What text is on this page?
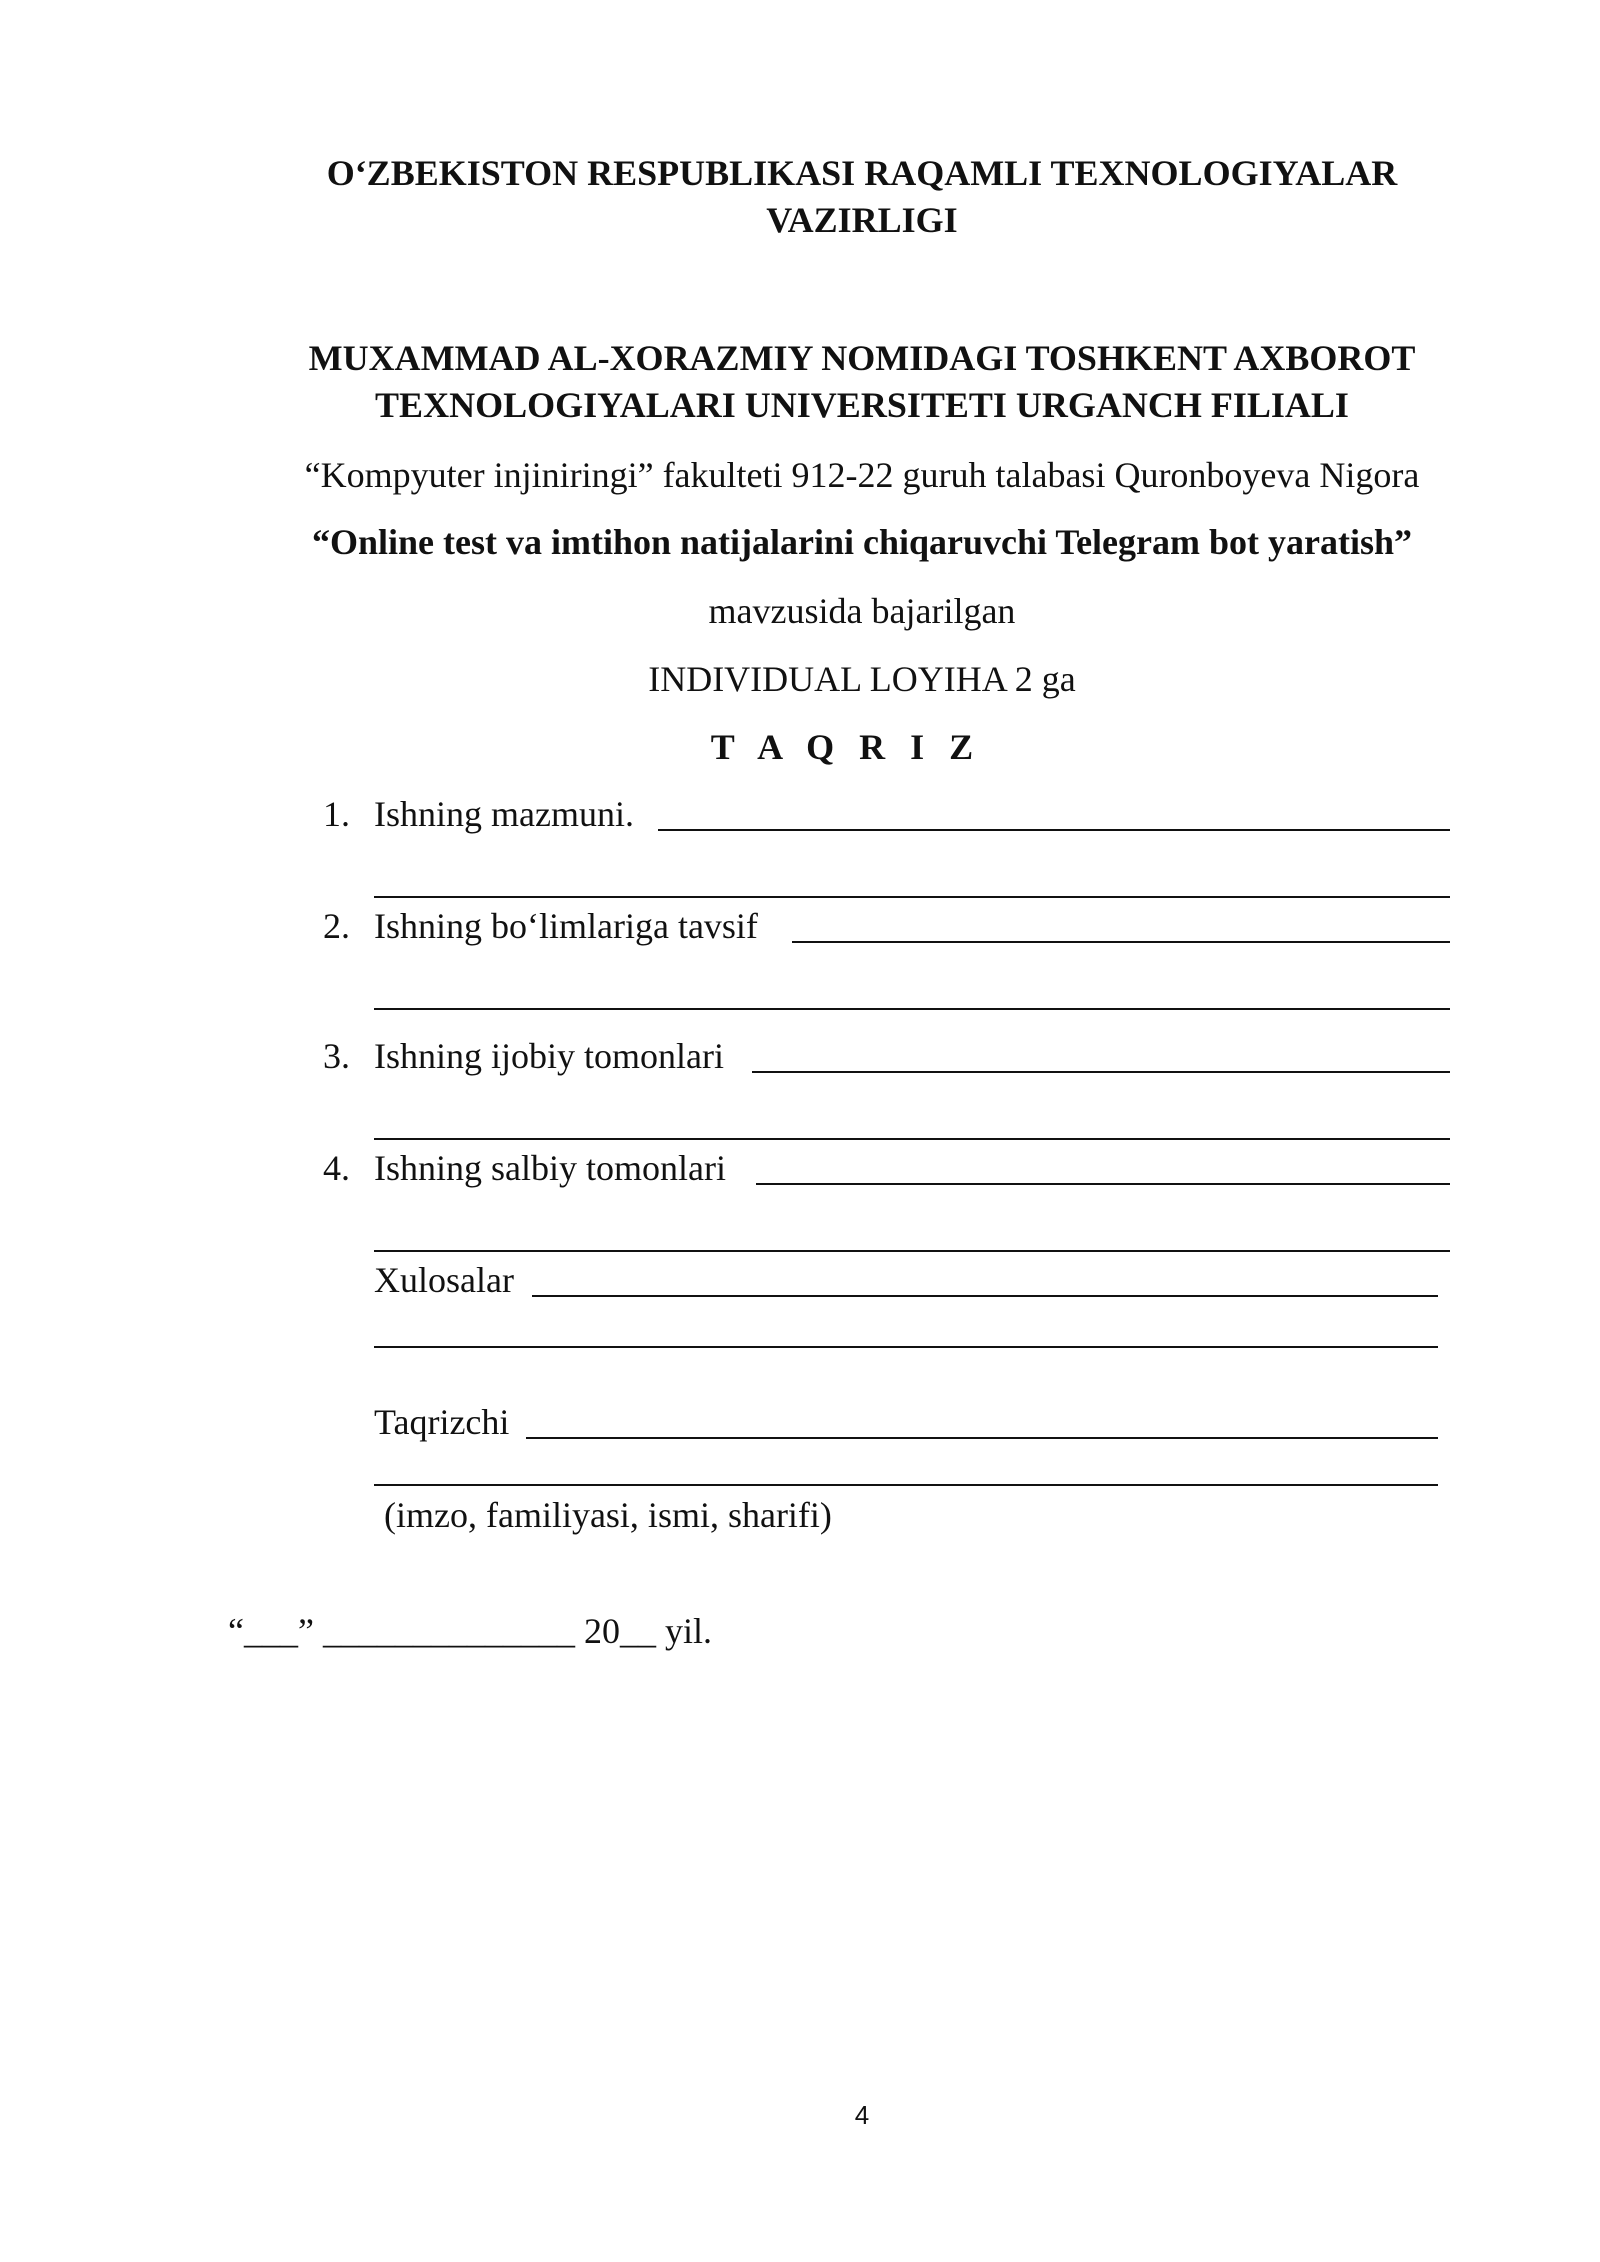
O‘ZBEKISTON RESPUBLIKASI RAQAMLI TEXNOLOGIYALAR
VAZIRLIGI
MUXAMMAD AL-XORAZMIY NOMIDAGI TOSHKENT AXBOROT
TEXNOLOGIYALARI UNIVERSITETI URGANCH FILIALI
“Kompyuter injiniringi” fakulteti 912-22 guruh talabasi Quronboyeva Nigora
“Online test va imtihon natijalarini chiqaruvchi Telegram bot yaratish”
mavzusida bajarilgan
INDIVIDUAL LOYIHA 2 ga
T A Q R I Z
1. Ishning mazmuni.
2. Ishning bo‘limlariga tavsif
3. Ishning ijobiy tomonlari
4. Ishning salbiy tomonlari
Xulosalar
Taqrizchi
(imzo, familiyasi, ismi, sharifi)
“___” ______________ 20__ yil.
4
